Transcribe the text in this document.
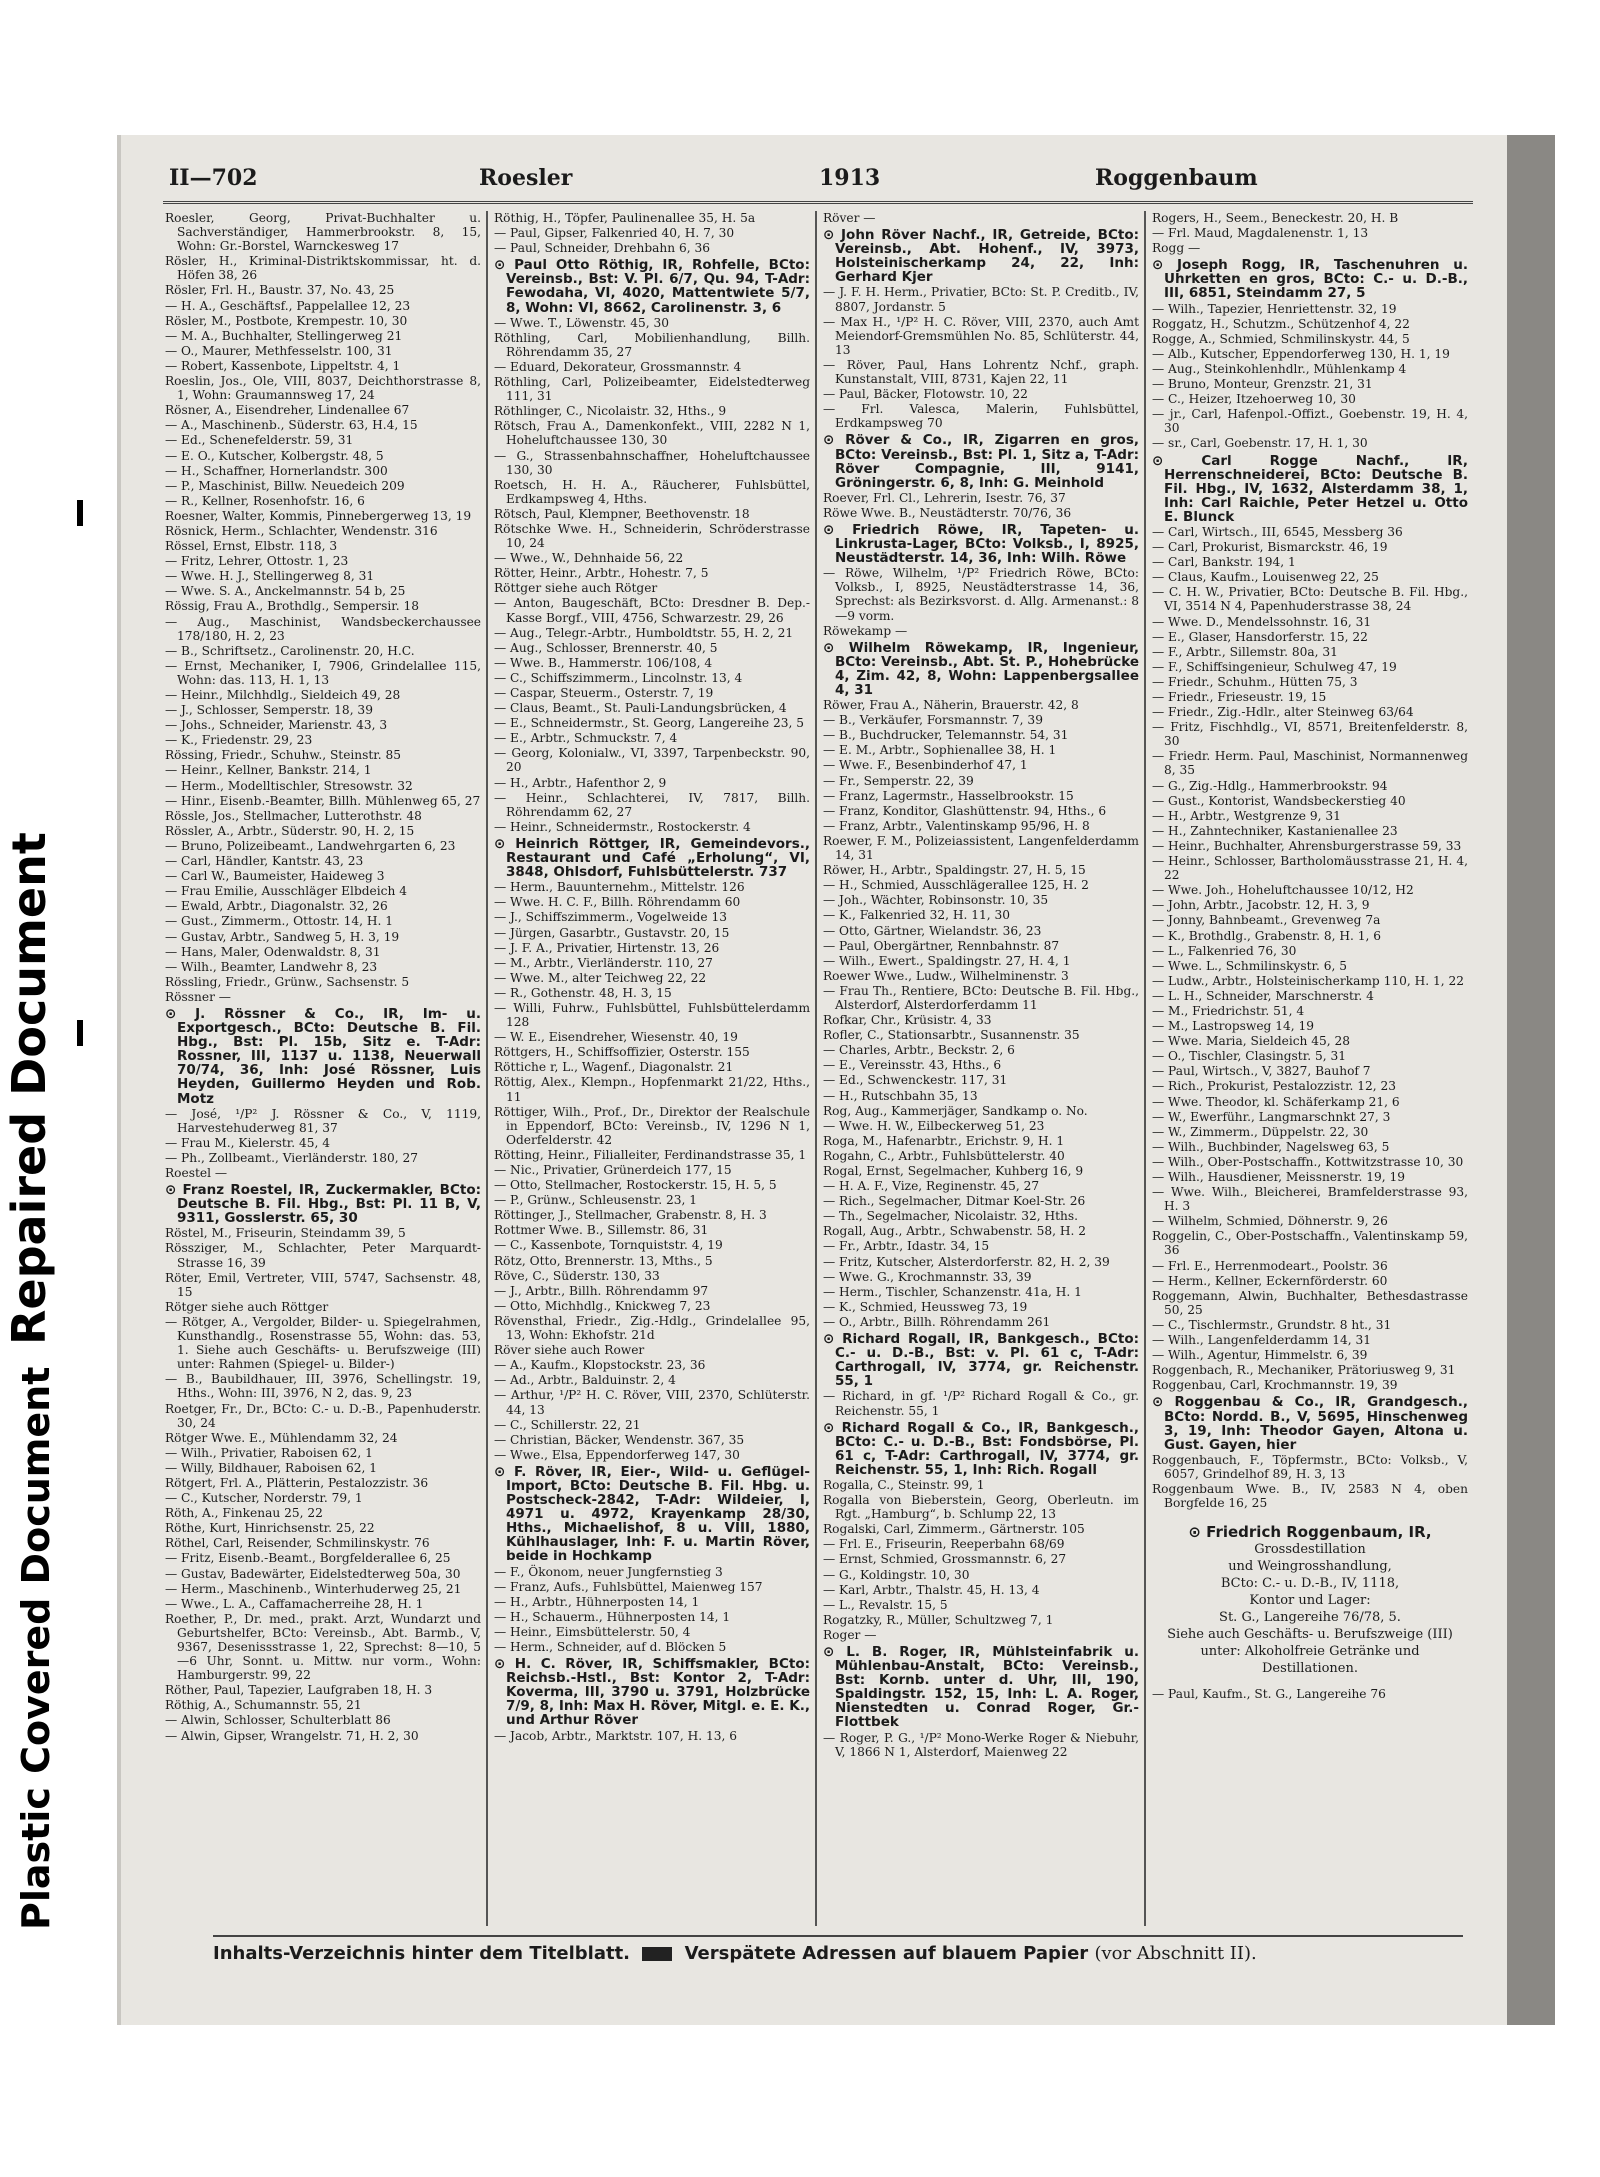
Plastic Covered Document
Repaired Document
II—702	Roesler	1913	Roggenbaum
Roesler, Georg, Privat-Buchhalter u. Sachverständiger, Hammerbrookstr. 8, 15, Wohn: Gr.-Borstel, Warnckesweg 17
Rösler, H., Kriminal-Distriktskommissar, ht. d. Höfen 38, 26
Rösler, Frl. H., Baustr. 37, No. 43, 25
— H. A., Geschäftsf., Pappelallee 12, 23
Rösler, M., Postbote, Krempestr. 10, 30
— M. A., Buchhalter, Stellingerweg 21
— O., Maurer, Methfesselstr. 100, 31
— Robert, Kassenbote, Lippeltstr. 4, 1
Roeslin, Jos., Ole, VIII, 8037, Deichthorstrasse 8, 1, Wohn: Graumannsweg 17, 24
Rösner, A., Eisendreher, Lindenallee 67
— A., Maschinenb., Süderstr. 63, H.4, 15
— Ed., Schenefelderstr. 59, 31
— E. O., Kutscher, Kolbergstr. 48, 5
— H., Schaffner, Hornerlandstr. 300
— P., Maschinist, Billw. Neuedeich 209
— R., Kellner, Rosenhofstr. 16, 6
Roesner, Walter, Kommis, Pinnebergerweg 13, 19
Rösnick, Herm., Schlachter, Wendenstr. 316
Rössel, Ernst, Elbstr. 118, 3
— Fritz, Lehrer, Ottostr. 1, 23
— Wwe. H. J., Stellingerweg 8, 31
— Wwe. S. A., Anckelmannstr. 54 b, 25
Rössig, Frau A., Brothdlg., Sempersir. 18
— Aug., Maschinist, Wandsbeckerchaussee 178/180, H. 2, 23
— B., Schriftsetz., Carolinenstr. 20, H.C.
— Ernst, Mechaniker, I, 7906, Grindelallee 115, Wohn: das. 113, H. 1, 13
— Heinr., Milchhdlg., Sieldeich 49, 28
— J., Schlosser, Semperstr. 18, 39
— Johs., Schneider, Marienstr. 43, 3
— K., Friedenstr. 29, 23
Rössing, Friedr., Schuhw., Steinstr. 85
— Heinr., Kellner, Bankstr. 214, 1
— Herm., Modelltischler, Stresowstr. 32
— Hinr., Eisenb.-Beamter, Billh. Mühlenweg 65, 27
Rössle, Jos., Stellmacher, Lutterothstr. 48
Rössler, A., Arbtr., Süderstr. 90, H. 2, 15
— Bruno, Polizeibeamt., Landwehrgarten 6, 23
— Carl, Händler, Kantstr. 43, 23
— Carl W., Baumeister, Haideweg 3
— Frau Emilie, Ausschläger Elbdeich 4
— Ewald, Arbtr., Diagonalstr. 32, 26
— Gust., Zimmerm., Ottostr. 14, H. 1
— Gustav, Arbtr., Sandweg 5, H. 3, 19
— Hans, Maler, Odenwaldstr. 8, 31
— Wilh., Beamter, Landwehr 8, 23
Rössling, Friedr., Grünw., Sachsenstr. 5
Rössner —
⊙ J. Rössner & Co., IR, Im- u. Exportgesch., BCto: Deutsche B. Fil. Hbg., Bst: Pl. 15b, Sitz e. T-Adr: Rossner, III, 1137 u. 1138, Neuerwall 70/74, 36, Inh: José Rössner, Luis Heyden, Guillermo Heyden und Rob. Motz
— José, ¹/P² J. Rössner & Co., V, 1119, Harvestehuderweg 81, 37
— Frau M., Kielerstr. 45, 4
— Ph., Zollbeamt., Vierländerstr. 180, 27
Roestel —
⊙ Franz Roestel, IR, Zuckermakler, BCto: Deutsche B. Fil. Hbg., Bst: Pl. 11 B, V, 9311, Gosslerstr. 65, 30
Röstel, M., Friseurin, Steindamm 39, 5
Rössziger, M., Schlachter, Peter Marquardt-Strasse 16, 39
Röter, Emil, Vertreter, VIII, 5747, Sachsenstr. 48, 15
Rötger siehe auch Röttger
— Rötger, A., Vergolder, Bilder- u. Spiegelrahmen, Kunsthandlg., Rosenstrasse 55, Wohn: das. 53, 1. Siehe auch Geschäfts- u. Berufszweige (III) unter: Rahmen (Spiegel- u. Bilder-)
— B., Baubildhauer, III, 3976, Schellingstr. 19, Hths., Wohn: III, 3976, N 2, das. 9, 23
Roetger, Fr., Dr., BCto: C.- u. D.-B., Papenhuderstr. 30, 24
Rötger Wwe. E., Mühlendamm 32, 24
— Wilh., Privatier, Raboisen 62, 1
— Willy, Bildhauer, Raboisen 62, 1
Rötgert, Frl. A., Plätterin, Pestalozzistr. 36
— C., Kutscher, Norderstr. 79, 1
Röth, A., Finkenau 25, 22
Röthe, Kurt, Hinrichsenstr. 25, 22
Röthel, Carl, Reisender, Schmilinskystr. 76
— Fritz, Eisenb.-Beamt., Borgfelderallee 6, 25
— Gustav, Badewärter, Eidelstedterweg 50a, 30
— Herm., Maschinenb., Winterhuderweg 25, 21
— Wwe., L. A., Caffamacherreihe 28, H. 1
Roether, P., Dr. med., prakt. Arzt, Wundarzt und Geburtshelfer, BCto: Vereinsb., Abt. Barmb., V, 9367, Desenissstrasse 1, 22, Sprechst: 8—10, 5—6 Uhr, Sonnt. u. Mittw. nur vorm., Wohn: Hamburgerstr. 99, 22
Röther, Paul, Tapezier, Laufgraben 18, H. 3
Röthig, A., Schumannstr. 55, 21
— Alwin, Schlosser, Schulterblatt 86
— Alwin, Gipser, Wrangelstr. 71, H. 2, 30
Röthig, H., Töpfer, Paulinenallee 35, H. 5a
— Paul, Gipser, Falkenried 40, H. 7, 30
— Paul, Schneider, Drehbahn 6, 36
⊙ Paul Otto Röthig, IR, Rohfelle, BCto: Vereinsb., Bst: V. Pl. 6/7, Qu. 94, T-Adr: Fewodaha, VI, 4020, Mattentwiete 5/7, 8, Wohn: VI, 8662, Carolinenstr. 3, 6
— Wwe. T., Löwenstr. 45, 30
Röthling, Carl, Mobilienhandlung, Billh. Röhrendamm 35, 27
— Eduard, Dekorateur, Grossmannstr. 4
Röthling, Carl, Polizeibeamter, Eidelstedterweg 111, 31
Röthlinger, C., Nicolaistr. 32, Hths., 9
Rötsch, Frau A., Damenkonfekt., VIII, 2282 N 1, Hoheluftchaussee 130, 30
— G., Strassenbahnschaffner, Hoheluftchaussee 130, 30
Roetsch, H. H. A., Räucherer, Fuhlsbüttel, Erdkampsweg 4, Hths.
Rötsch, Paul, Klempner, Beethovenstr. 18
Rötschke Wwe. H., Schneiderin, Schröderstrasse 10, 24
— Wwe., W., Dehnhaide 56, 22
Rötter, Heinr., Arbtr., Hohestr. 7, 5
Röttger siehe auch Rötger
— Anton, Baugeschäft, BCto: Dresdner B. Dep.-Kasse Borgf., VIII, 4756, Schwarzestr. 29, 26
— Aug., Telegr.-Arbtr., Humboldtstr. 55, H. 2, 21
— Aug., Schlosser, Brennerstr. 40, 5
— Wwe. B., Hammerstr. 106/108, 4
— C., Schiffszimmerm., Lincolnstr. 13, 4
— Caspar, Steuerm., Osterstr. 7, 19
— Claus, Beamt., St. Pauli-Landungsbrücken, 4
— E., Schneidermstr., St. Georg, Langereihe 23, 5
— E., Arbtr., Schmuckstr. 7, 4
— Georg, Kolonialw., VI, 3397, Tarpenbeckstr. 90, 20
— H., Arbtr., Hafenthor 2, 9
— Heinr., Schlachterei, IV, 7817, Billh. Röhrendamm 62, 27
— Heinr., Schneidermstr., Rostockerstr. 4
⊙ Heinrich Röttger, IR, Gemeindevors., Restaurant und Café „Erholung“, VI, 3848, Ohlsdorf, Fuhlsbüttelerstr. 737
— Herm., Bauunternehm., Mittelstr. 126
— Wwe. H. C. F., Billh. Röhrendamm 60
— J., Schiffszimmerm., Vogelweide 13
— Jürgen, Gasarbtr., Gustavstr. 20, 15
— J. F. A., Privatier, Hirtenstr. 13, 26
— M., Arbtr., Vierländerstr. 110, 27
— Wwe. M., alter Teichweg 22, 22
— R., Gothenstr. 48, H. 3, 15
— Willi, Fuhrw., Fuhlsbüttel, Fuhlsbüttelerdamm 128
— W. E., Eisendreher, Wiesenstr. 40, 19
Röttgers, H., Schiffsoffizier, Osterstr. 155
Röttiche r, L., Wagenf., Diagonalstr. 21
Röttig, Alex., Klempn., Hopfenmarkt 21/22, Hths., 11
Röttiger, Wilh., Prof., Dr., Direktor der Realschule in Eppendorf, BCto: Vereinsb., IV, 1296 N 1, Oderfelderstr. 42
Rötting, Heinr., Filialleiter, Ferdinandstrasse 35, 1
— Nic., Privatier, Grünerdeich 177, 15
— Otto, Stellmacher, Rostockerstr. 15, H. 5, 5
— P., Grünw., Schleusenstr. 23, 1
Röttinger, J., Stellmacher, Grabenstr. 8, H. 3
Rottmer Wwe. B., Sillemstr. 86, 31
— C., Kassenbote, Tornquiststr. 4, 19
Rötz, Otto, Brennerstr. 13, Mths., 5
Röve, C., Süderstr. 130, 33
— J., Arbtr., Billh. Röhrendamm 97
— Otto, Michhdlg., Knickweg 7, 23
Rövensthal, Friedr., Zig.-Hdlg., Grindelallee 95, 13, Wohn: Ekhofstr. 21d
Röver siehe auch Rower
— A., Kaufm., Klopstockstr. 23, 36
— Ad., Arbtr., Balduinstr. 2, 4
— Arthur, ¹/P² H. C. Röver, VIII, 2370, Schlüterstr. 44, 13
— C., Schillerstr. 22, 21
— Christian, Bäcker, Wendenstr. 367, 35
— Wwe., Elsa, Eppendorferweg 147, 30
⊙ F. Röver, IR, Eier-, Wild- u. Geflügel-Import, BCto: Deutsche B. Fil. Hbg. u. Postscheck-2842, T-Adr: Wildeier, I, 4971 u. 4972, Krayenkamp 28/30, Hths., Michaelishof, 8 u. VIII, 1880, Kühlhauslager, Inh: F. u. Martin Röver, beide in Hochkamp
— F., Ökonom, neuer Jungfernstieg 3
— Franz, Aufs., Fuhlsbüttel, Maienweg 157
— H., Arbtr., Hühnerposten 14, 1
— H., Schauerm., Hühnerposten 14, 1
— Heinr., Eimsbüttelerstr. 50, 4
— Herm., Schneider, auf d. Blöcken 5
⊙ H. C. Röver, IR, Schiffsmakler, BCto: Reichsb.-Hstl., Bst: Kontor 2, T-Adr: Koverma, III, 3790 u. 3791, Holzbrücke 7/9, 8, Inh: Max H. Röver, Mitgl. e. E. K., und Arthur Röver
— Jacob, Arbtr., Marktstr. 107, H. 13, 6
Röver —
⊙ John Röver Nachf., IR, Getreide, BCto: Vereinsb., Abt. Hohenf., IV, 3973, Holsteinischerkamp 24, 22, Inh: Gerhard Kjer
— J. F. H. Herm., Privatier, BCto: St. P. Creditb., IV, 8807, Jordanstr. 5
— Max H., ¹/P² H. C. Röver, VIII, 2370, auch Amt Meiendorf-Gremsmühlen No. 85, Schlüterstr. 44, 13
— Röver, Paul, Hans Lohrentz Nchf., graph. Kunstanstalt, VIII, 8731, Kajen 22, 11
— Paul, Bäcker, Flotowstr. 10, 22
— Frl. Valesca, Malerin, Fuhlsbüttel, Erdkampsweg 70
⊙ Röver & Co., IR, Zigarren en gros, BCto: Vereinsb., Bst: Pl. 1, Sitz a, T-Adr: Röver Compagnie, III, 9141, Gröningerstr. 6, 8, Inh: G. Meinhold
Roever, Frl. Cl., Lehrerin, Isestr. 76, 37
Röwe Wwe. B., Neustädterstr. 70/76, 36
⊙ Friedrich Röwe, IR, Tapeten- u. Linkrusta-Lager, BCto: Volksb., I, 8925, Neustädterstr. 14, 36, Inh: Wilh. Röwe
— Röwe, Wilhelm, ¹/P² Friedrich Röwe, BCto: Volksb., I, 8925, Neustädterstrasse 14, 36, Sprechst: als Bezirksvorst. d. Allg. Armenanst.: 8—9 vorm.
Röwekamp —
⊙ Wilhelm Röwekamp, IR, Ingenieur, BCto: Vereinsb., Abt. St. P., Hohebrücke 4, Zim. 42, 8, Wohn: Lappenbergsallee 4, 31
Röwer, Frau A., Näherin, Brauerstr. 42, 8
— B., Verkäufer, Forsmannstr. 7, 39
— B., Buchdrucker, Telemannstr. 54, 31
— E. M., Arbtr., Sophienallee 38, H. 1
— Wwe. F., Besenbinderhof 47, 1
— Fr., Semperstr. 22, 39
— Franz, Lagermstr., Hasselbrookstr. 15
— Franz, Konditor, Glashüttenstr. 94, Hths., 6
— Franz, Arbtr., Valentinskamp 95/96, H. 8
Roewer, F. M., Polizeiassistent, Langenfelderdamm 14, 31
Röwer, H., Arbtr., Spaldingstr. 27, H. 5, 15
— H., Schmied, Ausschlägerallee 125, H. 2
— Joh., Wächter, Robinsonstr. 10, 35
— K., Falkenried 32, H. 11, 30
— Otto, Gärtner, Wielandstr. 36, 23
— Paul, Obergärtner, Rennbahnstr. 87
— Wilh., Ewert., Spaldingstr. 27, H. 4, 1
Roewer Wwe., Ludw., Wilhelminenstr. 3
— Frau Th., Rentiere, BCto: Deutsche B. Fil. Hbg., Alsterdorf, Alsterdorferdamm 11
Rofkar, Chr., Krüsistr. 4, 33
Rofler, C., Stationsarbtr., Susannenstr. 35
— Charles, Arbtr., Beckstr. 2, 6
— E., Vereinsstr. 43, Hths., 6
— Ed., Schwenckestr. 117, 31
— H., Rutschbahn 35, 13
Rog, Aug., Kammerjäger, Sandkamp o. No.
— Wwe. H. W., Eilbeckerweg 51, 23
Roga, M., Hafenarbtr., Erichstr. 9, H. 1
Rogahn, C., Arbtr., Fuhlsbüttelerstr. 40
Rogal, Ernst, Segelmacher, Kuhberg 16, 9
— H. A. F., Vize, Reginenstr. 45, 27
— Rich., Segelmacher, Ditmar Koel-Str. 26
— Th., Segelmacher, Nicolaistr. 32, Hths.
Rogall, Aug., Arbtr., Schwabenstr. 58, H. 2
— Fr., Arbtr., Idastr. 34, 15
— Fritz, Kutscher, Alsterdorferstr. 82, H. 2, 39
— Wwe. G., Krochmannstr. 33, 39
— Herm., Tischler, Schanzenstr. 41a, H. 1
— K., Schmied, Heussweg 73, 19
— O., Arbtr., Billh. Röhrendamm 261
⊙ Richard Rogall, IR, Bankgesch., BCto: C.- u. D.-B., Bst: v. Pl. 61 c, T-Adr: Carthrogall, IV, 3774, gr. Reichenstr. 55, 1
— Richard, in gf. ¹/P² Richard Rogall & Co., gr. Reichenstr. 55, 1
⊙ Richard Rogall & Co., IR, Bankgesch., BCto: C.- u. D.-B., Bst: Fondsbörse, Pl. 61 c, T-Adr: Carthrogall, IV, 3774, gr. Reichenstr. 55, 1, Inh: Rich. Rogall
Rogalla, C., Steinstr. 99, 1
Rogalla von Bieberstein, Georg, Oberleutn. im Rgt. „Hamburg“, b. Schlump 22, 13
Rogalski, Carl, Zimmerm., Gärtnerstr. 105
— Frl. E., Friseurin, Reeperbahn 68/69
— Ernst, Schmied, Grossmannstr. 6, 27
— G., Koldingstr. 10, 30
— Karl, Arbtr., Thalstr. 45, H. 13, 4
— L., Revalstr. 15, 5
Rogatzky, R., Müller, Schultzweg 7, 1
Roger —
⊙ L. B. Roger, IR, Mühlsteinfabrik u. Mühlenbau-Anstalt, BCto: Vereinsb., Bst: Kornb. unter d. Uhr, III, 190, Spaldingstr. 152, 15, Inh: L. A. Roger, Nienstedten u. Conrad Roger, Gr.-Flottbek
— Roger, P. G., ¹/P² Mono-Werke Roger & Niebuhr, V, 1866 N 1, Alsterdorf, Maienweg 22
Rogers, H., Seem., Beneckestr. 20, H. B
— Frl. Maud, Magdalenenstr. 1, 13
Rogg —
⊙ Joseph Rogg, IR, Taschenuhren u. Uhrketten en gros, BCto: C.- u. D.-B., III, 6851, Steindamm 27, 5
— Wilh., Tapezier, Henriettenstr. 32, 19
Roggatz, H., Schutzm., Schützenhof 4, 22
Rogge, A., Schmied, Schmilinskystr. 44, 5
— Alb., Kutscher, Eppendorferweg 130, H. 1, 19
— Aug., Steinkohlenhdlr., Mühlenkamp 4
— Bruno, Monteur, Grenzstr. 21, 31
— C., Heizer, Itzehoerweg 10, 30
— jr., Carl, Hafenpol.-Offizt., Goebenstr. 19, H. 4, 30
— sr., Carl, Goebenstr. 17, H. 1, 30
⊙ Carl Rogge Nachf., IR, Herrenschneiderei, BCto: Deutsche B. Fil. Hbg., IV, 1632, Alsterdamm 38, 1, Inh: Carl Raichle, Peter Hetzel u. Otto E. Blunck
— Carl, Wirtsch., III, 6545, Messberg 36
— Carl, Prokurist, Bismarckstr. 46, 19
— Carl, Bankstr. 194, 1
— Claus, Kaufm., Louisenweg 22, 25
— C. H. W., Privatier, BCto: Deutsche B. Fil. Hbg., VI, 3514 N 4, Papenhuderstrasse 38, 24
— Wwe. D., Mendelssohnstr. 16, 31
— E., Glaser, Hansdorferstr. 15, 22
— F., Arbtr., Sillemstr. 80a, 31
— F., Schiffsingenieur, Schulweg 47, 19
— Friedr., Schuhm., Hütten 75, 3
— Friedr., Frieseustr. 19, 15
— Friedr., Zig.-Hdlr., alter Steinweg 63/64
— Fritz, Fischhdlg., VI, 8571, Breitenfelderstr. 8, 30
— Friedr. Herm. Paul, Maschinist, Normannenweg 8, 35
— G., Zig.-Hdlg., Hammerbrookstr. 94
— Gust., Kontorist, Wandsbeckerstieg 40
— H., Arbtr., Westgrenze 9, 31
— H., Zahntechniker, Kastanienallee 23
— Heinr., Buchhalter, Ahrensburgerstrasse 59, 33
— Heinr., Schlosser, Bartholomäusstrasse 21, H. 4, 22
— Wwe. Joh., Hoheluftchaussee 10/12, H2
— John, Arbtr., Jacobstr. 12, H. 3, 9
— Jonny, Bahnbeamt., Grevenweg 7a
— K., Brothdlg., Grabenstr. 8, H. 1, 6
— L., Falkenried 76, 30
— Wwe. L., Schmilinskystr. 6, 5
— Ludw., Arbtr., Holsteinischerkamp 110, H. 1, 22
— L. H., Schneider, Marschnerstr. 4
— M., Friedrichstr. 51, 4
— M., Lastropsweg 14, 19
— Wwe. Maria, Sieldeich 45, 28
— O., Tischler, Clasingstr. 5, 31
— Paul, Wirtsch., V, 3827, Bauhof 7
— Rich., Prokurist, Pestalozzistr. 12, 23
— Wwe. Theodor, kl. Schäferkamp 21, 6
— W., Ewerführ., Langmarschnkt 27, 3
— W., Zimmerm., Düppelstr. 22, 30
— Wilh., Buchbinder, Nagelsweg 63, 5
— Wilh., Ober-Postschaffn., Kottwitzstrasse 10, 30
— Wilh., Hausdiener, Meissnerstr. 19, 19
— Wwe. Wilh., Bleicherei, Bramfelderstrasse 93, H. 3
— Wilhelm, Schmied, Döhnerstr. 9, 26
Roggelin, C., Ober-Postschaffn., Valentinskamp 59, 36
— Frl. E., Herrenmodeart., Poolstr. 36
— Herm., Kellner, Eckernförderstr. 60
Roggemann, Alwin, Buchhalter, Bethesdastrasse 50, 25
— C., Tischlermstr., Grundstr. 8 ht., 31
— Wilh., Langenfelderdamm 14, 31
— Wilh., Agentur, Himmelstr. 6, 39
Roggenbach, R., Mechaniker, Prätoriusweg 9, 31
Roggenbau, Carl, Krochmannstr. 19, 39
⊙ Roggenbau & Co., IR, Grandgesch., BCto: Nordd. B., V, 5695, Hinschenweg 3, 19, Inh: Theodor Gayen, Altona u. Gust. Gayen, hier
Roggenbauch, F., Töpfermstr., BCto: Volksb., V, 6057, Grindelhof 89, H. 3, 13
Roggenbaum Wwe. B., IV, 2583 N 4, oben Borgfelde 16, 25
⊙ Friedrich Roggenbaum, IR,
Grossdestillation
und Weingrosshandlung,
BCto: C.- u. D.-B., IV, 1118,
Kontor und Lager:
St. G., Langereihe 76/78, 5.
Siehe auch Geschäfts- u. Berufszweige (III) unter: Alkoholfreie Getränke und Destillationen.
— Paul, Kaufm., St. G., Langereihe 76
Inhalts-Verzeichnis hinter dem Titelblatt.	Verspätete Adressen auf blauem Papier (vor Abschnitt II).
